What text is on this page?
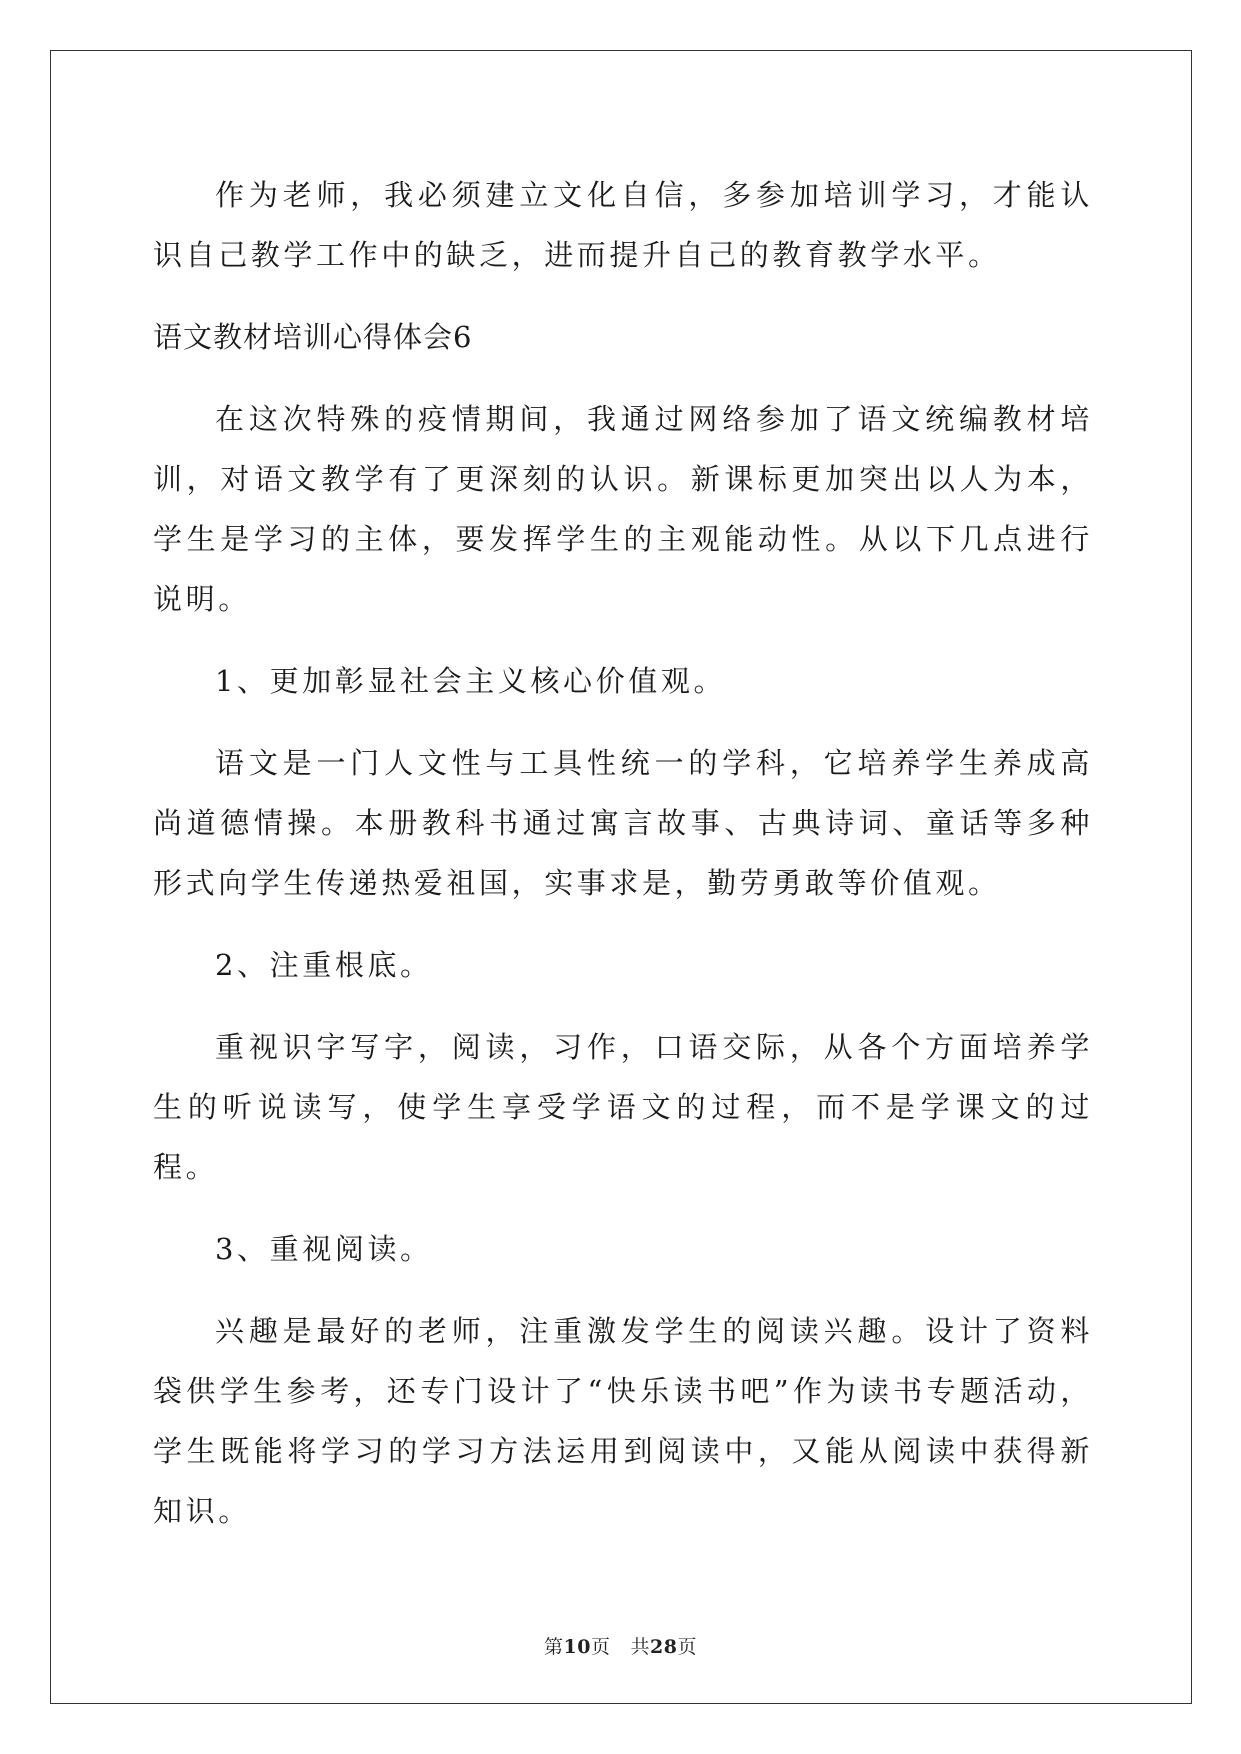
作为老师，我必须建立文化自信，多参加培训学习，才能认识自己教学工作中的缺乏，进而提升自己的教育教学水平。

语文教材培训心得体会6

在这次特殊的疫情期间，我通过网络参加了语文统编教材培训，对语文教学有了更深刻的认识。新课标更加突出以人为本，学生是学习的主体，要发挥学生的主观能动性。从以下几点进行说明。

1、更加彰显社会主义核心价值观。

语文是一门人文性与工具性统一的学科，它培养学生养成高尚道德情操。本册教科书通过寓言故事、古典诗词、童话等多种形式向学生传递热爱祖国，实事求是，勤劳勇敢等价值观。

2、注重根底。

重视识字写字，阅读，习作，口语交际，从各个方面培养学生的听说读写，使学生享受学语文的过程，而不是学课文的过程。

3、重视阅读。

兴趣是最好的老师，注重激发学生的阅读兴趣。设计了资料袋供学生参考，还专门设计了“快乐读书吧”作为读书专题活动，学生既能将学习的学习方法运用到阅读中，又能从阅读中获得新知识。

第10页 共28页
